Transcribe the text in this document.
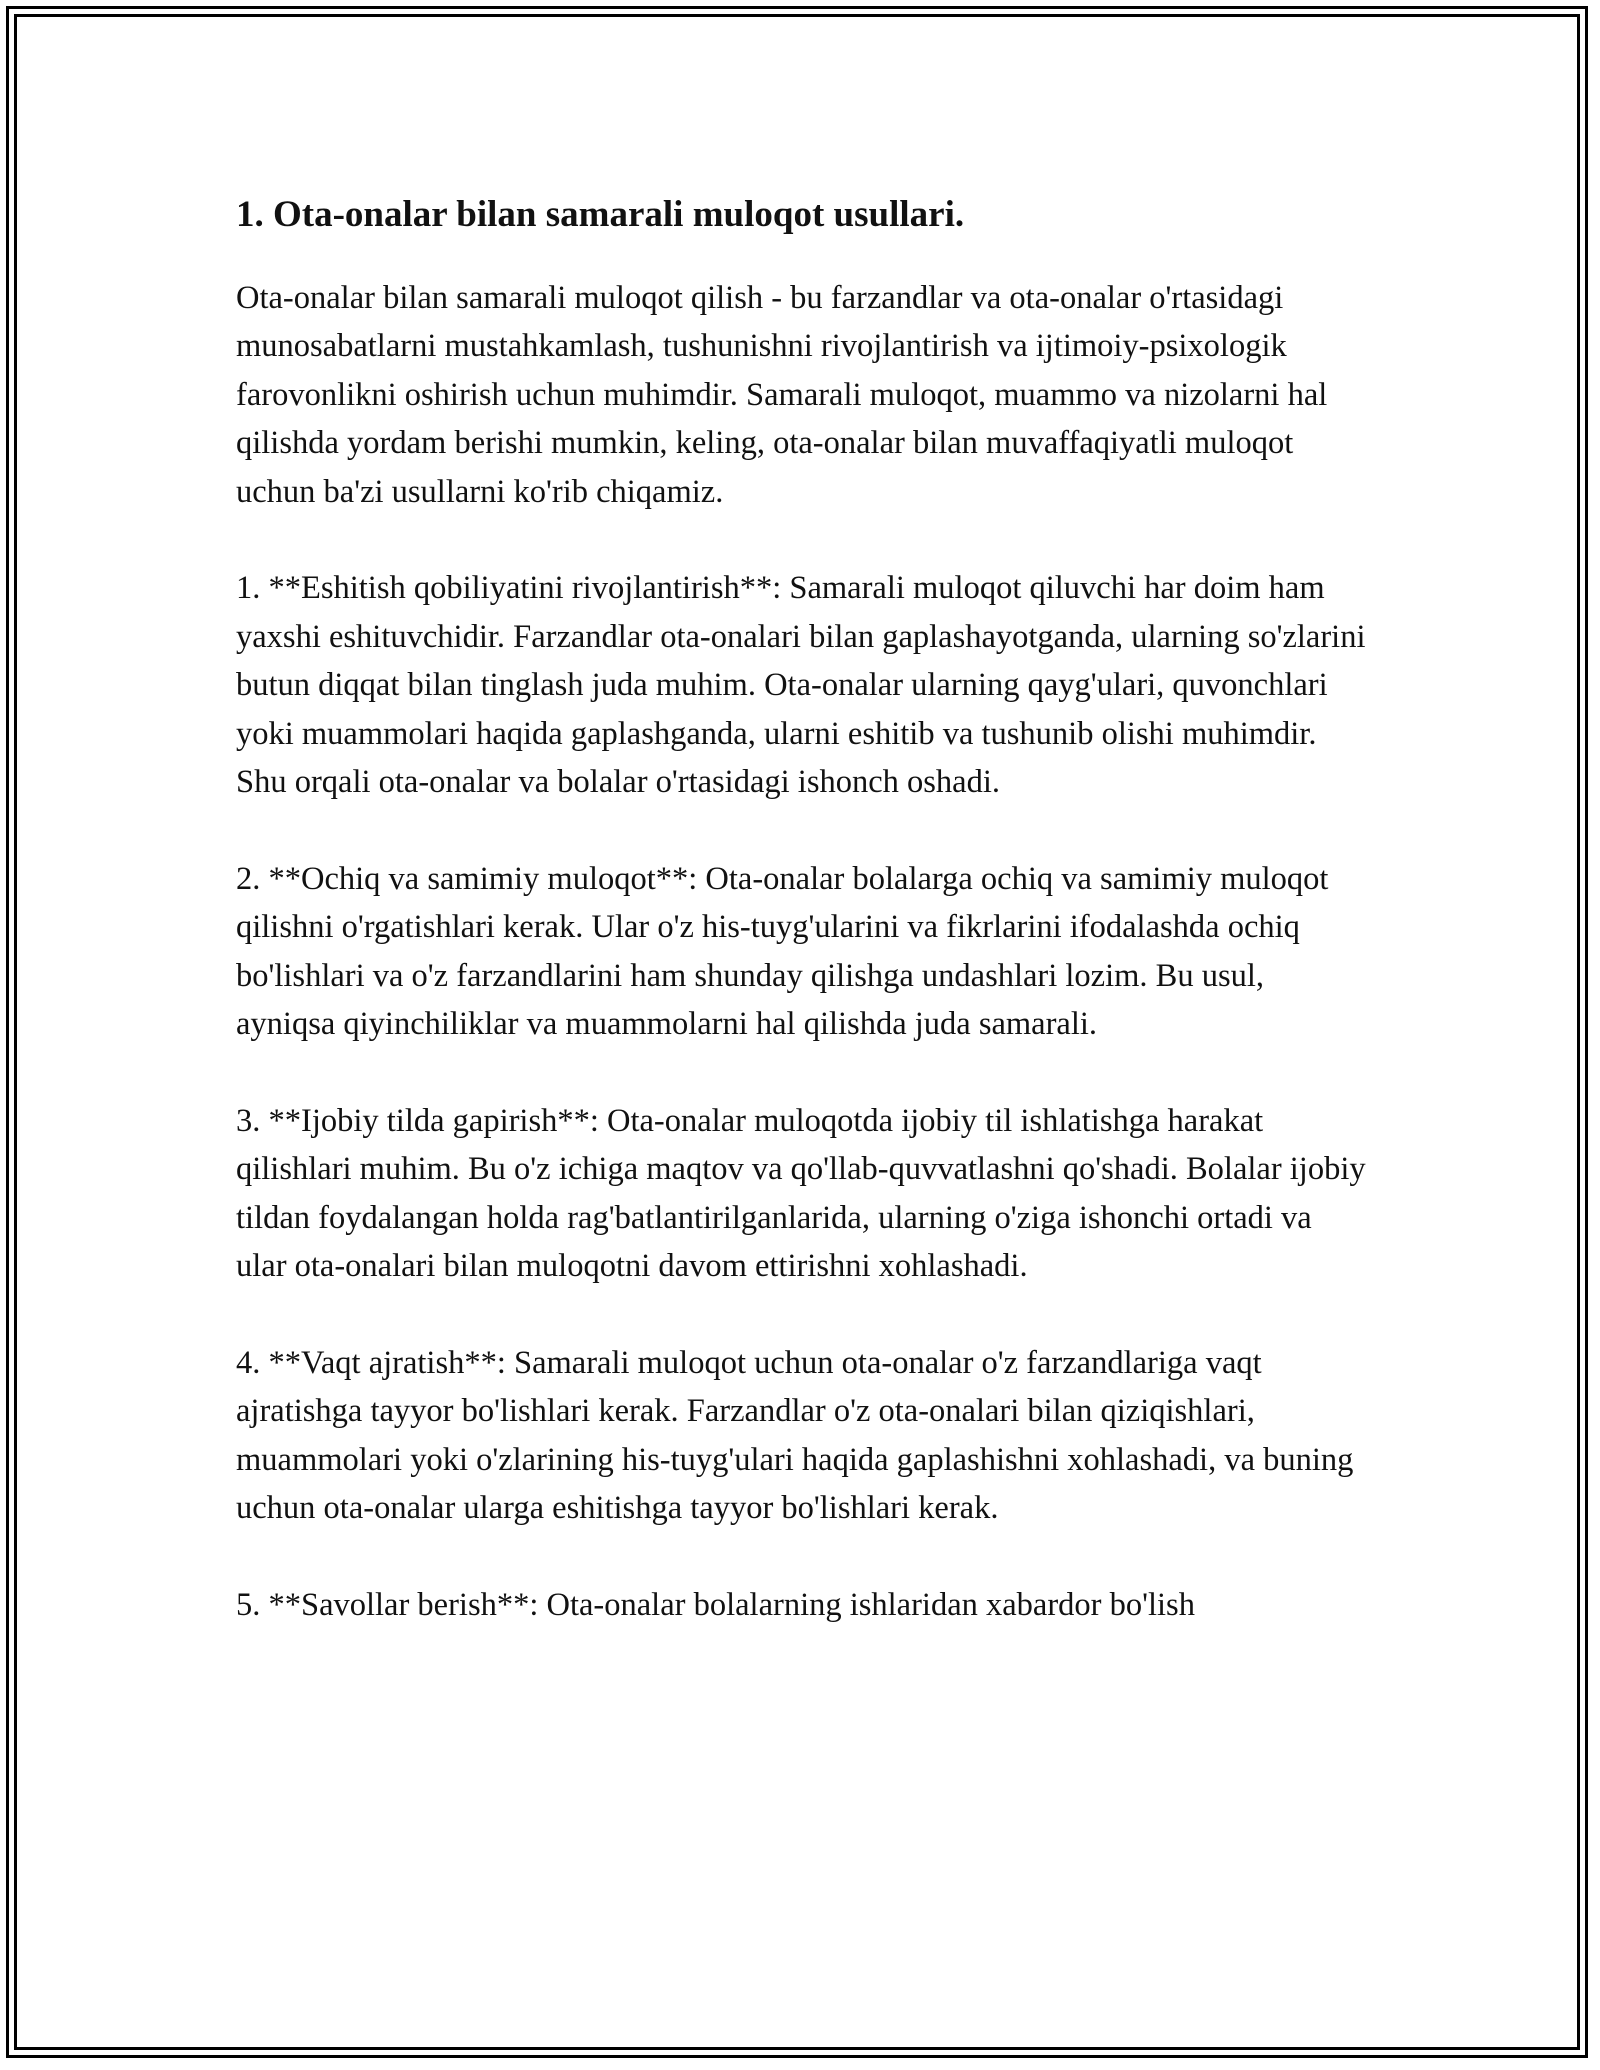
1. Ota-onalar bilan samarali muloqot usullari.

Ota-onalar bilan samarali muloqot qilish - bu farzandlar va ota-onalar o'rtasidagi munosabatlarni mustahkamlash, tushunishni rivojlantirish va ijtimoiy-psixologik farovonlikni oshirish uchun muhimdir. Samarali muloqot, muammo va nizolarni hal qilishda yordam berishi mumkin, keling, ota-onalar bilan muvaffaqiyatli muloqot uchun ba'zi usullarni ko'rib chiqamiz.

1. **Eshitish qobiliyatini rivojlantirish**: Samarali muloqot qiluvchi har doim ham yaxshi eshituvchidir. Farzandlar ota-onalari bilan gaplashayotganda, ularning so'zlarini butun diqqat bilan tinglash juda muhim. Ota-onalar ularning qayg'ulari, quvonchlari yoki muammolari haqida gaplashganda, ularni eshitib va tushunib olishi muhimdir. Shu orqali ota-onalar va bolalar o'rtasidagi ishonch oshadi.

2. **Ochiq va samimiy muloqot**: Ota-onalar bolalarga ochiq va samimiy muloqot qilishni o'rgatishlari kerak. Ular o'z his-tuyg'ularini va fikrlarini ifodalashda ochiq bo'lishlari va o'z farzandlarini ham shunday qilishga undashlari lozim. Bu usul, ayniqsa qiyinchiliklar va muammolarni hal qilishda juda samarali.

3. **Ijobiy tilda gapirish**: Ota-onalar muloqotda ijobiy til ishlatishga harakat qilishlari muhim. Bu o'z ichiga maqtov va qo'llab-quvvatlashni qo'shadi. Bolalar ijobiy tildan foydalangan holda rag'batlantirilganlarida, ularning o'ziga ishonchi ortadi va ular ota-onalari bilan muloqotni davom ettirishni xohlashadi.

4. **Vaqt ajratish**: Samarali muloqot uchun ota-onalar o'z farzandlariga vaqt ajratishga tayyor bo'lishlari kerak. Farzandlar o'z ota-onalari bilan qiziqishlari, muammolari yoki o'zlarining his-tuyg'ulari haqida gaplashishni xohlashadi, va buning uchun ota-onalar ularga eshitishga tayyor bo'lishlari kerak.

5. **Savollar berish**: Ota-onalar bolalarning ishlaridan xabardor bo'lish
